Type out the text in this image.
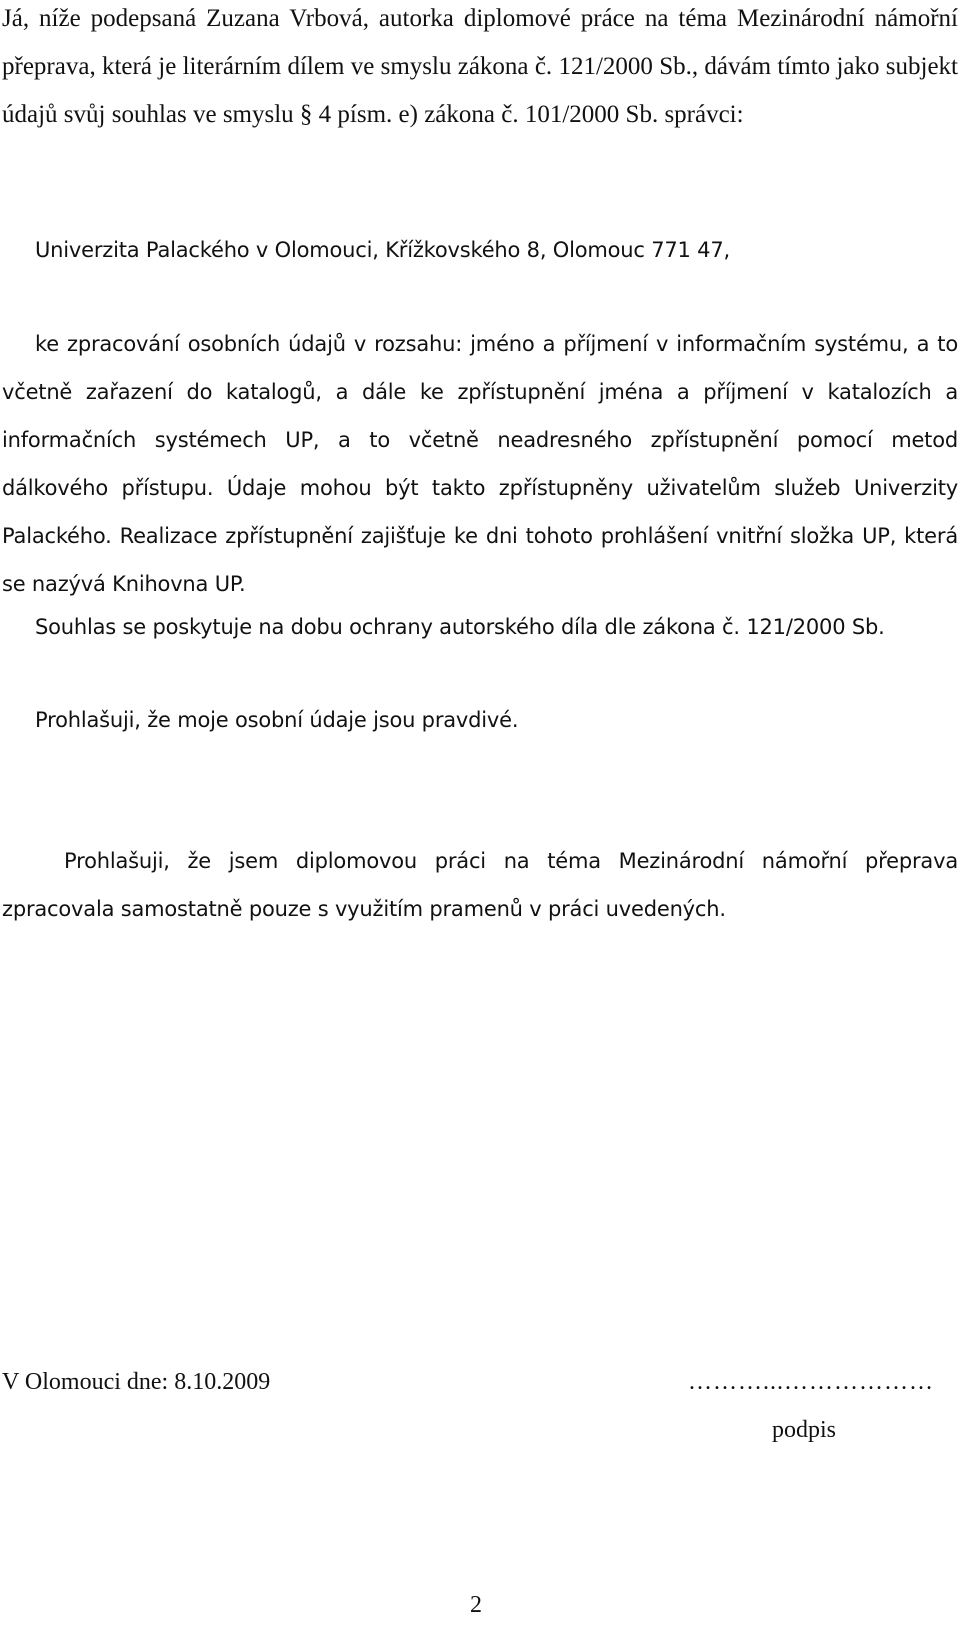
Já, níže podepsaná Zuzana Vrbová, autorka diplomové práce na téma Mezinárodní námořní přeprava, která je literárním dílem ve smyslu zákona č. 121/2000 Sb., dávám tímto jako subjekt údajů svůj souhlas ve smyslu § 4 písm. e) zákona č. 101/2000 Sb. správci:

Univerzita Palackého v Olomouci, Křížkovského 8, Olomouc 771 47,

ke zpracování osobních údajů v rozsahu: jméno a příjmení v informačním systému, a to včetně zařazení do katalogů, a dále ke zpřístupnění jména a příjmení v katalozích a informačních systémech UP, a to včetně neadresného zpřístupnění pomocí metod dálkového přístupu. Údaje mohou být takto zpřístupněny uživatelům služeb Univerzity Palackého. Realizace zpřístupnění zajišťuje ke dni tohoto prohlášení vnitřní složka UP, která se nazývá Knihovna UP.

Souhlas se poskytuje na dobu ochrany autorského díla dle zákona č. 121/2000 Sb.

Prohlašuji, že moje osobní údaje jsou pravdivé.

Prohlašuji, že jsem diplomovou práci na téma Mezinárodní námořní přeprava zpracovala samostatně pouze s využitím pramenů v práci uvedených.

V Olomouci dne: 8.10.2009	………...………………

podpis

2
